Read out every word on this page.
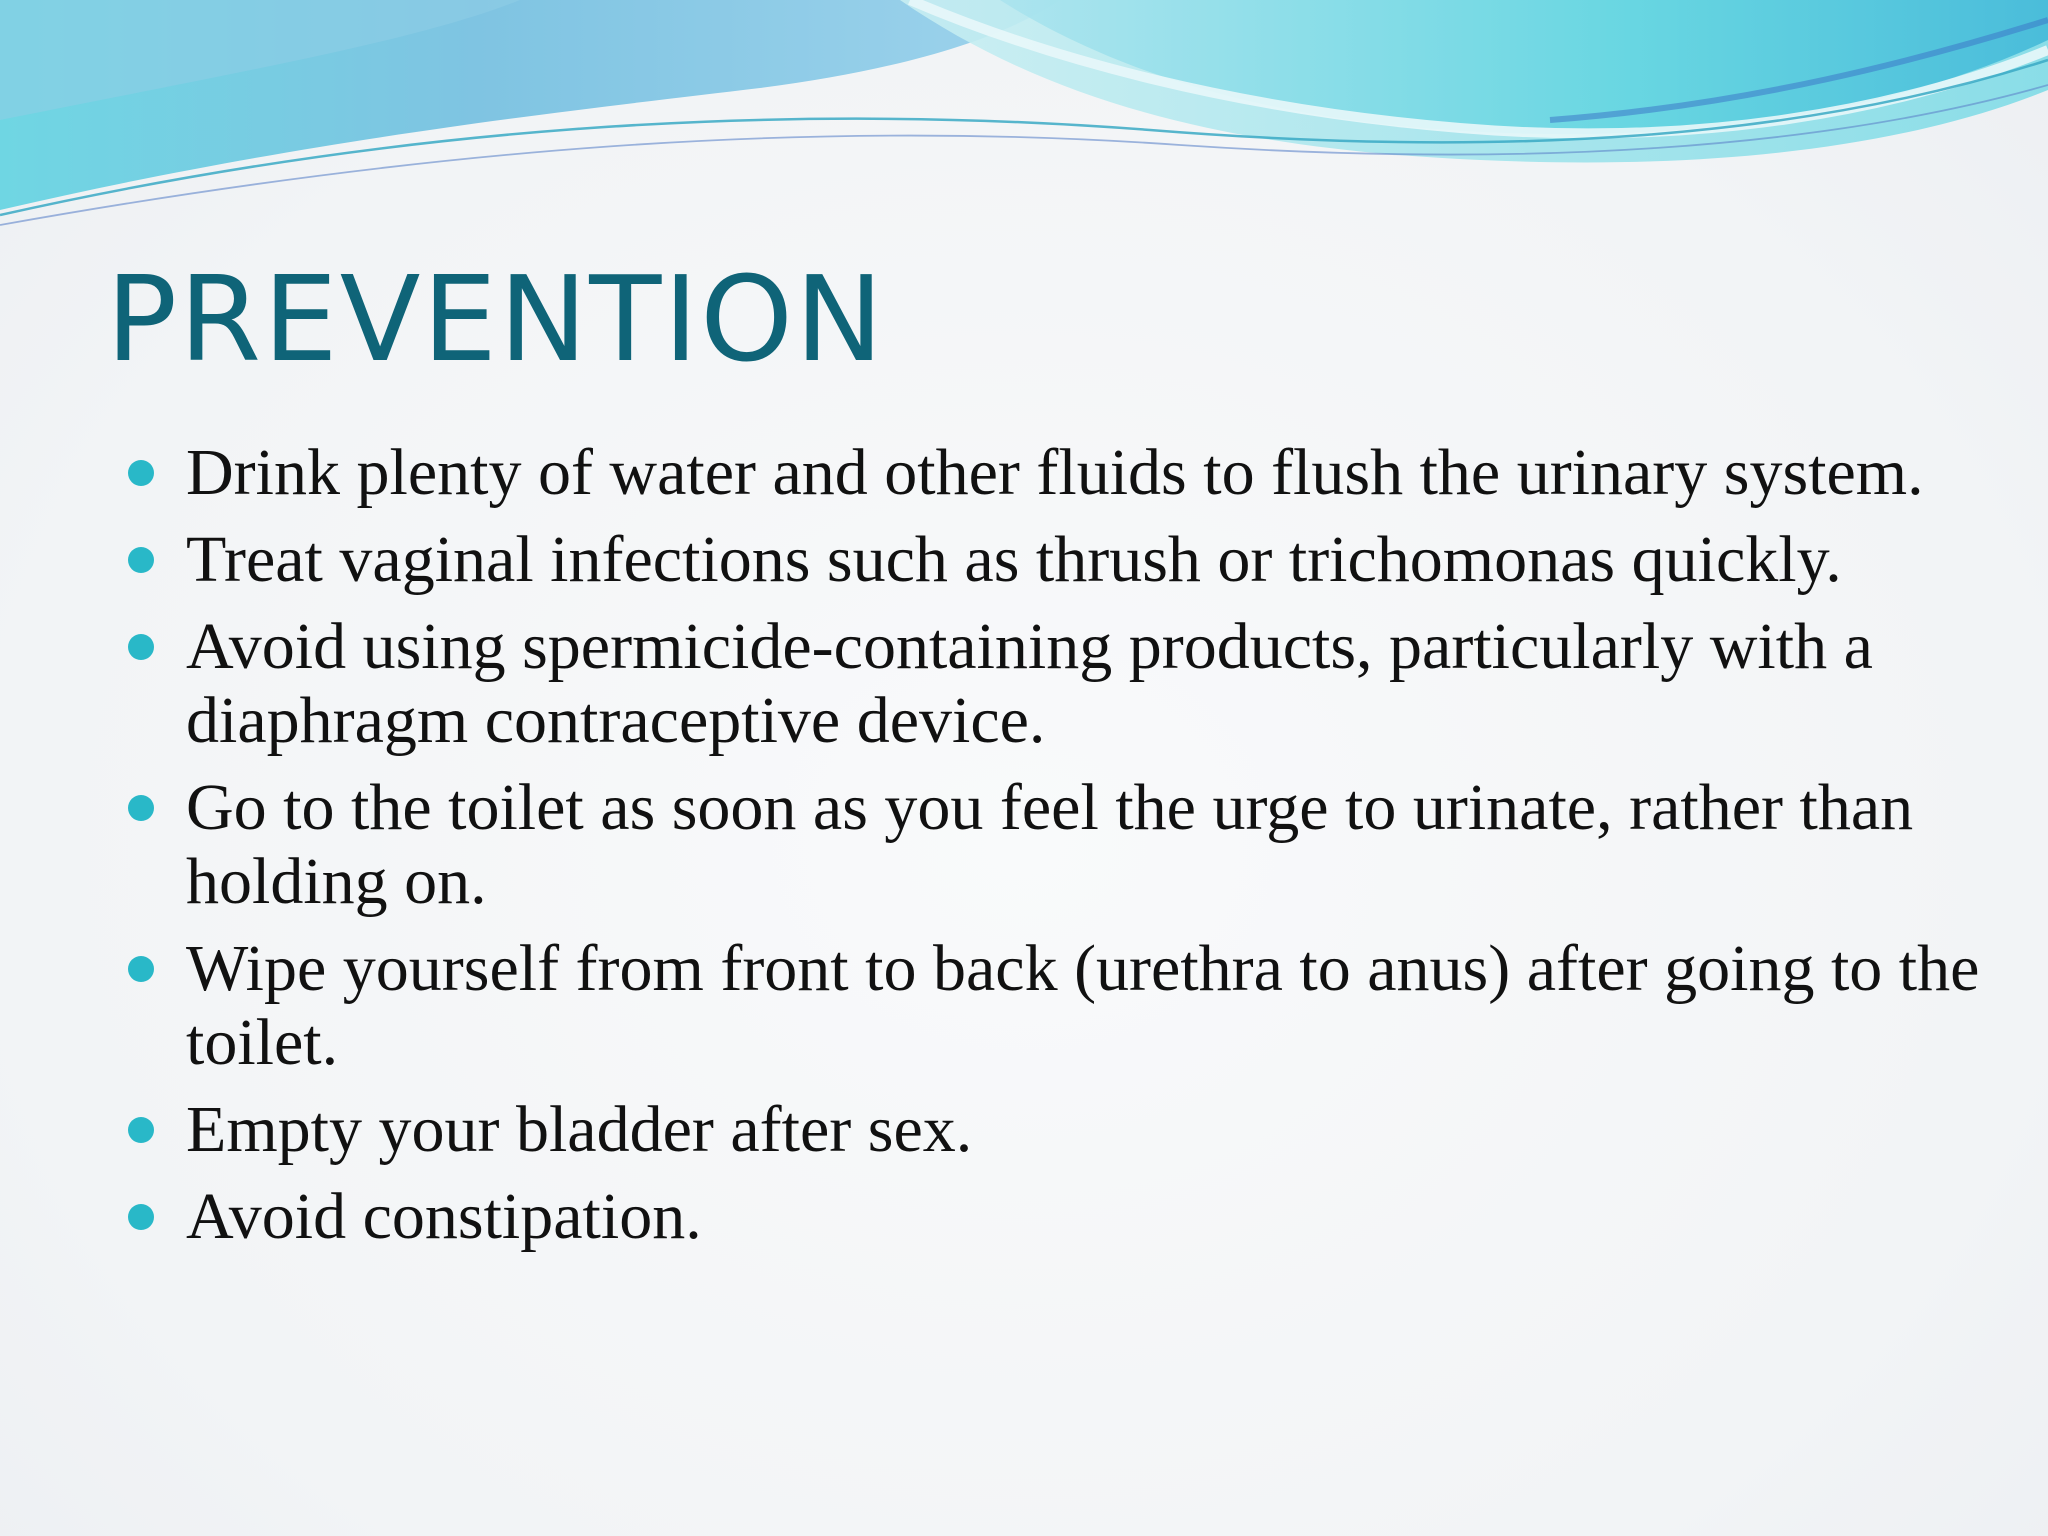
PREVENTION
Drink plenty of water and other fluids to flush the urinary system.
Treat vaginal infections such as thrush or trichomonas quickly.
Avoid using spermicide-containing products, particularly with a diaphragm contraceptive device.
Go to the toilet as soon as you feel the urge to urinate, rather than holding on.
Wipe yourself from front to back (urethra to anus) after going to the toilet.
Empty your bladder after sex.
Avoid constipation.
